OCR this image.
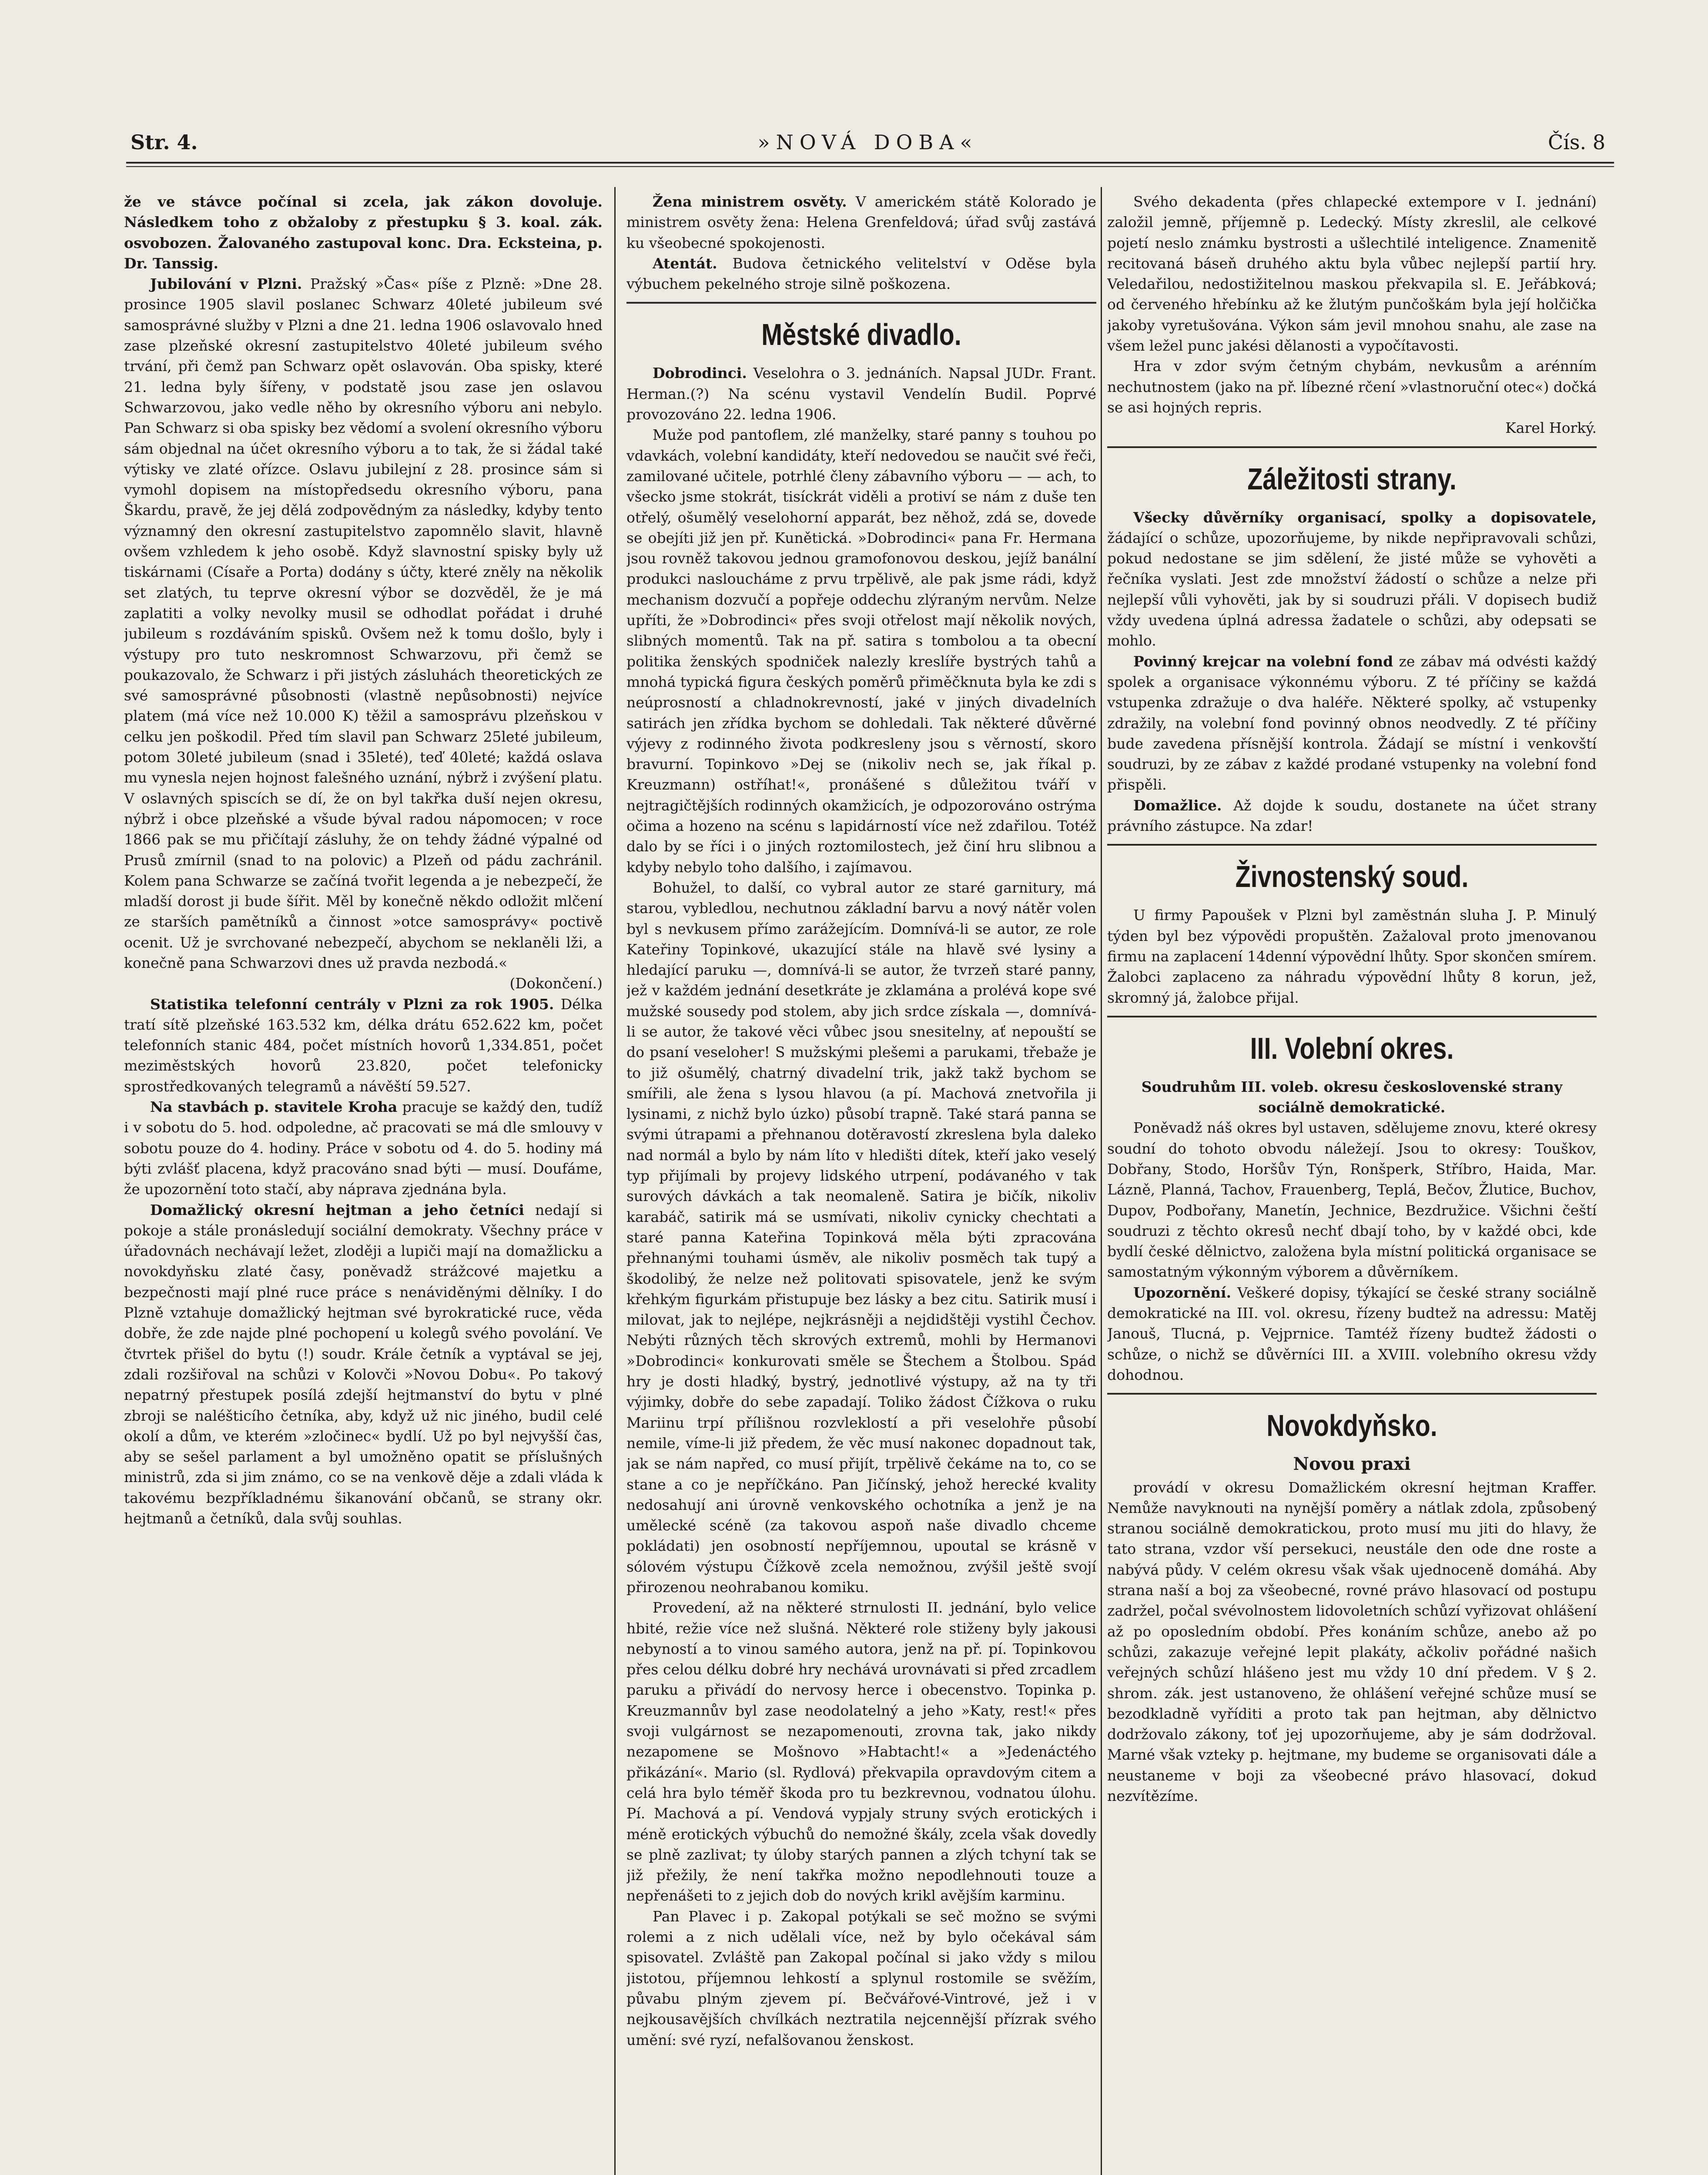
Str. 4.	»NOVÁ DOBA«	Čís. 8

že ve stávce počínal si zcela, jak zákon dovoluje. Následkem toho z obžaloby z přestupku § 3. koal. zák. osvobozen. Žalovaného zastupoval konc. Dra. Ecksteina, p. Dr. Tanssig.

Jubilování v Plzni. Pražský »Čas« píše z Plzně: »Dne 28. prosince 1905 slavil poslanec Schwarz 40leté jubileum své samosprávné služby v Plzni a dne 21. ledna 1906 oslavovalo hned zase plzeňské okresní zastupitelstvo 40leté jubileum svého trvání, při čemž pan Schwarz opět oslavován. Oba spisky, které 21. ledna byly šířeny, v podstatě jsou zase jen oslavou Schwarzovou, jako vedle něho by okresního výboru ani nebylo. Pan Schwarz si oba spisky bez vědomí a svolení okresního výboru sám objednal na účet okresního výboru a to tak, že si žádal také výtisky ve zlaté ořízce. Oslavu jubilejní z 28. prosince sám si vymohl dopisem na místopředsedu okresního výboru, pana Škardu, pravě, že jej dělá zodpovědným za následky, kdyby tento významný den okresní zastupitelstvo zapomnělo slavit, hlavně ovšem vzhledem k jeho osobě. Když slavnostní spisky byly už tiskárnami (Císaře a Porta) dodány s účty, které zněly na několik set zlatých, tu teprve okresní výbor se dozvěděl, že je má zaplatiti a volky nevolky musil se odhodlat pořádat i druhé jubileum s rozdáváním spisků. Ovšem než k tomu došlo, byly i výstupy pro tuto neskromnost Schwarzovu, při čemž se poukazovalo, že Schwarz i při jistých zásluhách theoretických ze své samosprávné působnosti (vlastně nepůsobnosti) nejvíce platem (má více než 10.000 K) těžil a samosprávu plzeňskou v celku jen poškodil. Před tím slavil pan Schwarz 25leté jubileum, potom 30leté jubileum (snad i 35leté), teď 40leté; každá oslava mu vynesla nejen hojnost falešného uznání, nýbrž i zvýšení platu. V oslavných spiscích se dí, že on byl takřka duší nejen okresu, nýbrž i obce plzeňské a všude býval radou nápomocen; v roce 1866 pak se mu přičítají zásluhy, že on tehdy žádné výpalné od Prusů zmírnil (snad to na polovic) a Plzeň od pádu zachránil. Kolem pana Schwarze se začíná tvořit legenda a je nebezpečí, že mladší dorost ji bude šířit. Měl by konečně někdo odložit mlčení ze starších pamětníků a činnost »otce samosprávy« poctivě ocenit. Už je svrchované nebezpečí, abychom se neklaněli lži, a konečně pana Schwarzovi dnes už pravda nezbodá.«

(Dokončení.)

Statistika telefonní centrály v Plzni za rok 1905. Délka tratí sítě plzeňské 163.532 km, délka drátu 652.622 km, počet telefonních stanic 484, počet místních hovorů 1,334.851, počet meziměstských hovorů 23.820, počet telefonicky sprostředkovaných telegramů a návěští 59.527.

Na stavbách p. stavitele Kroha pracuje se každý den, tudíž i v sobotu do 5. hod. odpoledne, ač pracovati se má dle smlouvy v sobotu pouze do 4. hodiny. Práce v sobotu od 4. do 5. hodiny má býti zvlášť placena, když pracováno snad býti — musí. Doufáme, že upozornění toto stačí, aby náprava zjednána byla.

Domažlický okresní hejtman a jeho četníci nedají si pokoje a stále pronásledují sociální demokraty. Všechny práce v úřadovnách nechávají ležet, zloději a lupiči mají na domažlicku a novokdyňsku zlaté časy, poněvadž strážcové majetku a bezpečnosti mají plné ruce práce s nenáviděnými dělníky. I do Plzně vztahuje domažlický hejtman své byrokratické ruce, věda dobře, že zde najde plné pochopení u kolegů svého povolání. Ve čtvrtek přišel do bytu (!) soudr. Krále četník a vyptával se jej, zdali rozšiřoval na schůzi v Kolovči »Novou Dobu«. Po takový nepatrný přestupek posílá zdejší hejtmanství do bytu v plné zbroji se naléšticího četníka, aby, když už nic jiného, budil celé okolí a dům, ve kterém »zločinec« bydlí. Už po byl nejvyšší čas, aby se sešel parlament a byl umožněno opatit se příslušných ministrů, zda si jim známo, co se na venkově děje a zdali vláda k takovému bezpříkladnému šikanování občanů, se strany okr. hejtmanů a četníků, dala svůj souhlas.

Žena ministrem osvěty. V americkém státě Kolorado je ministrem osvěty žena: Helena Grenfeldová; úřad svůj zastává ku všeobecné spokojenosti.

Atentát. Budova četnického velitelství v Oděse byla výbuchem pekelného stroje silně poškozena.

Městské divadlo.

Dobrodinci. Veselohra o 3. jednáních. Napsal JUDr. Frant. Herman.(?) Na scénu vystavil Vendelín Budil. Poprvé provozováno 22. ledna 1906.

Muže pod pantoflem, zlé manželky, staré panny s touhou po vdavkách, volební kandidáty, kteří nedovedou se naučit své řeči, zamilované učitele, potrhlé členy zábavního výboru — — ach, to všecko jsme stokrát, tisíckrát viděli a protiví se nám z duše ten otřelý, ošumělý veselohorní apparát, bez něhož, zdá se, dovede se obejíti již jen př. Kunětická. »Dobrodinci« pana Fr. Hermana jsou rovněž takovou jednou gramofonovou deskou, jejíž banální produkci nasloucháme z prvu trpělivě, ale pak jsme rádi, když mechanism dozvučí a popřeje oddechu zlýraným nervům. Nelze upříti, že »Dobrodinci« přes svoji otřelost mají několik nových, slibných momentů. Tak na př. satira s tombolou a ta obecní politika ženských spodniček nalezly kreslíře bystrých tahů a mnohá typická figura českých poměrů přiměčknuta byla ke zdi s neúprosností a chladnokrevností, jaké v jiných divadelních satirách jen zřídka bychom se dohledali. Tak některé důvěrné výjevy z rodinného života podkresleny jsou s věrností, skoro bravurní. Topinkovo »Dej se (nikoliv nech se, jak říkal p. Kreuzmann) ostříhat!«, pronášené s důležitou tváří v nejtragičtějších rodinných okamžicích, je odpozorováno ostrýma očima a hozeno na scénu s lapidárností více než zdařilou. Totéž dalo by se říci i o jiných roztomilostech, jež činí hru slibnou a kdyby nebylo toho dalšího, i zajímavou.

Bohužel, to další, co vybral autor ze staré garnitury, má starou, vybledlou, nechutnou základní barvu a nový nátěr volen byl s nevkusem přímo zarážejícím. Domnívá-li se autor, ze role Kateřiny Topinkové, ukazující stále na hlavě své lysiny a hledající paruku —, domnívá-li se autor, že tvrzeň staré panny, jež v každém jednání desetkráte je zklamána a prolévá kope své mužské sousedy pod stolem, aby jich srdce získala —, domnívá-li se autor, že takové věci vůbec jsou snesitelny, ať nepouští se do psaní veseloher! S mužskými plešemi a parukami, třebaže je to již ošumělý, chatrný divadelní trik, jakž takž bychom se smířili, ale žena s lysou hlavou (a pí. Machová znetvořila ji lysinami, z nichž bylo úzko) působí trapně. Také stará panna se svými útrapami a přehnanou dotěravostí zkreslena byla daleko nad normál a bylo by nám líto v hledišti dítek, kteří jako veselý typ přijímali by projevy lidského utrpení, podávaného v tak surových dávkách a tak neomaleně. Satira je bičík, nikoliv karabáč, satirik má se usmívati, nikoliv cynicky chechtati a staré panna Kateřina Topinková měla býti zpracována přehnanými touhami úsměv, ale nikoliv posměch tak tupý a škodolibý, že nelze než politovati spisovatele, jenž ke svým křehkým figurkám přistupuje bez lásky a bez citu. Satirik musí i milovat, jak to nejlépe, nejkrásněji a nejdidštěji vystihl Čechov. Nebýti různých těch skrových extremů, mohli by Hermanovi »Dobrodinci« konkurovati směle se Štechem a Štolbou. Spád hry je dosti hladký, bystrý, jednotlivé výstupy, až na ty tři výjimky, dobře do sebe zapadají. Toliko žádost Čížkova o ruku Mariinu trpí přílišnou rozvleklostí a při veselohře působí nemile, víme-li již předem, že věc musí nakonec dopadnout tak, jak se nám napřed, co musí přijít, trpělivě čekáme na to, co se stane a co je nepříčkáno. Pan Jičínský, jehož herecké kvality nedosahují ani úrovně venkovského ochotníka a jenž je na umělecké scéně (za takovou aspoň naše divadlo chceme pokládati) jen osobností nepříjemnou, upoutal se krásně v sólovém výstupu Čížkově zcela nemožnou, zvýšil ještě svojí přirozenou neohrabanou komiku.

Provedení, až na některé strnulosti II. jednání, bylo velice hbité, režie více než slušná. Některé role stiženy byly jakousi nebyností a to vinou samého autora, jenž na př. pí. Topinkovou přes celou délku dobré hry nechává urovnávati si před zrcadlem paruku a přivádí do nervosy herce i obecenstvo. Topinka p. Kreuzmannův byl zase neodolatelný a jeho »Katy, rest!« přes svoji vulgárnost se nezapomenouti, zrovna tak, jako nikdy nezapomene se Mošnovo »Habtacht!« a »Jedenáctého přikázání«. Mario (sl. Rydlová) překvapila opravdovým citem a celá hra bylo téměř škoda pro tu bezkrevnou, vodnatou úlohu. Pí. Machová a pí. Vendová vypjaly struny svých erotických i méně erotických výbuchů do nemožné škály, zcela však dovedly se plně zazlivat; ty úloby starých pannen a zlých tchyní tak se již přežily, že není takřka možno nepodlehnouti touze a nepřenášeti to z jejich dob do nových krikl avějším karminu.

Pan Plavec i p. Zakopal potýkali se seč možno se svými rolemi a z nich udělali více, než by bylo očekával sám spisovatel. Zvláště pan Zakopal počínal si jako vždy s milou jistotou, příjemnou lehkostí a splynul rostomile se svěžím, půvabu plným zjevem pí. Bečvářové-Vintrové, jež i v nejkousavějších chvílkách neztratila nejcennější přízrak svého umění: své ryzí, nefalšovanou ženskost.

Svého dekadenta (přes chlapecké extempore v I. jednání) založil jemně, příjemně p. Ledecký. Místy zkreslil, ale celkové pojetí neslo známku bystrosti a ušlechtilé inteligence. Znamenitě recitovaná báseň druhého aktu byla vůbec nejlepší partií hry. Veledařilou, nedostižitelnou maskou překvapila sl. E. Jeřábková; od červeného hřebínku až ke žlutým punčoškám byla její holčička jakoby vyretušována. Výkon sám jevil mnohou snahu, ale zase na všem ležel punc jakési dělanosti a vypočítavosti.

Hra v zdor svým četným chybám, nevkusům a arénním nechutnostem (jako na př. líbezné rčení »vlastnoruční otec«) dočká se asi hojných repris.

Karel Horký.

Záležitosti strany.

Všecky důvěrníky organisací, spolky a dopisovatele, žádající o schůze, upozorňujeme, by nikde nepřipravovali schůzi, pokud nedostane se jim sdělení, že jisté může se vyhověti a řečníka vyslati. Jest zde množství žádostí o schůze a nelze při nejlepší vůli vyhověti, jak by si soudruzi přáli. V dopisech budiž vždy uvedena úplná adressa žadatele o schůzi, aby odepsati se mohlo.

Povinný krejcar na volební fond ze zábav má odvésti každý spolek a organisace výkonnému výboru. Z té příčiny se každá vstupenka zdražuje o dva haléře. Některé spolky, ač vstupenky zdražily, na volební fond povinný obnos neodvedly. Z té příčiny bude zavedena přísnější kontrola. Žádají se místní i venkovští soudruzi, by ze zábav z každé prodané vstupenky na volební fond přispěli.

Domažlice. Až dojde k soudu, dostanete na účet strany právního zástupce. Na zdar!

Živnostenský soud.

U firmy Papoušek v Plzni byl zaměstnán sluha J. P. Minulý týden byl bez výpovědi propuštěn. Zažaloval proto jmenovanou firmu na zaplacení 14denní výpovědní lhůty. Spor skončen smírem. Žalobci zaplaceno za náhradu výpovědní lhůty 8 korun, jež, skromný já, žalobce přijal.

III. Volební okres.

Soudruhům III. voleb. okresu československé strany sociálně demokratické.

Poněvadž náš okres byl ustaven, sdělujeme znovu, které okresy soudní do tohoto obvodu náležejí. Jsou to okresy: Touškov, Dobřany, Stodo, Horšův Týn, Ronšperk, Stříbro, Haida, Mar. Lázně, Planná, Tachov, Frauenberg, Teplá, Bečov, Žlutice, Buchov, Dupov, Podbořany, Manetín, Jechnice, Bezdružice. Všichni čeští soudruzi z těchto okresů nechť dbají toho, by v každé obci, kde bydlí české dělnictvo, založena byla místní politická organisace se samostatným výkonným výborem a důvěrníkem.

Upozornění. Veškeré dopisy, týkající se české strany sociálně demokratické na III. vol. okresu, řízeny budtež na adressu: Matěj Janouš, Tlucná, p. Vejprnice. Tamtéž řízeny budtež žádosti o schůze, o nichž se důvěrníci III. a XVIII. volebního okresu vždy dohodnou.

Novokdyňsko.
Novou praxi

provádí v okresu Domažlickém okresní hejtman Kraffer. Nemůže navyknouti na nynější poměry a nátlak zdola, způsobený stranou sociálně demokratickou, proto musí mu jiti do hlavy, že tato strana, vzdor vší persekuci, neustále den ode dne roste a nabývá půdy. V celém okresu však však ujednoceně domáhá. Aby strana naší a boj za všeobecné, rovné právo hlasovací od postupu zadržel, počal svévolnostem lidovoletních schůzí vyřizovat ohlášení až po oposledním období. Přes konáním schůze, anebo až po schůzi, zakazuje veřejné lepit plakáty, ačkoliv pořádné našich veřejných schůzí hlášeno jest mu vždy 10 dní předem. V § 2. shrom. zák. jest ustanoveno, že ohlášení veřejné schůze musí se bezodkladně vyříditi a proto tak pan hejtman, aby dělnictvo dodržovalo zákony, toť jej upozorňujeme, aby je sám dodržoval. Marné však vzteky p. hejtmane, my budeme se organisovati dále a neustaneme v boji za všeobecné právo hlasovací, dokud nezvítězíme.
